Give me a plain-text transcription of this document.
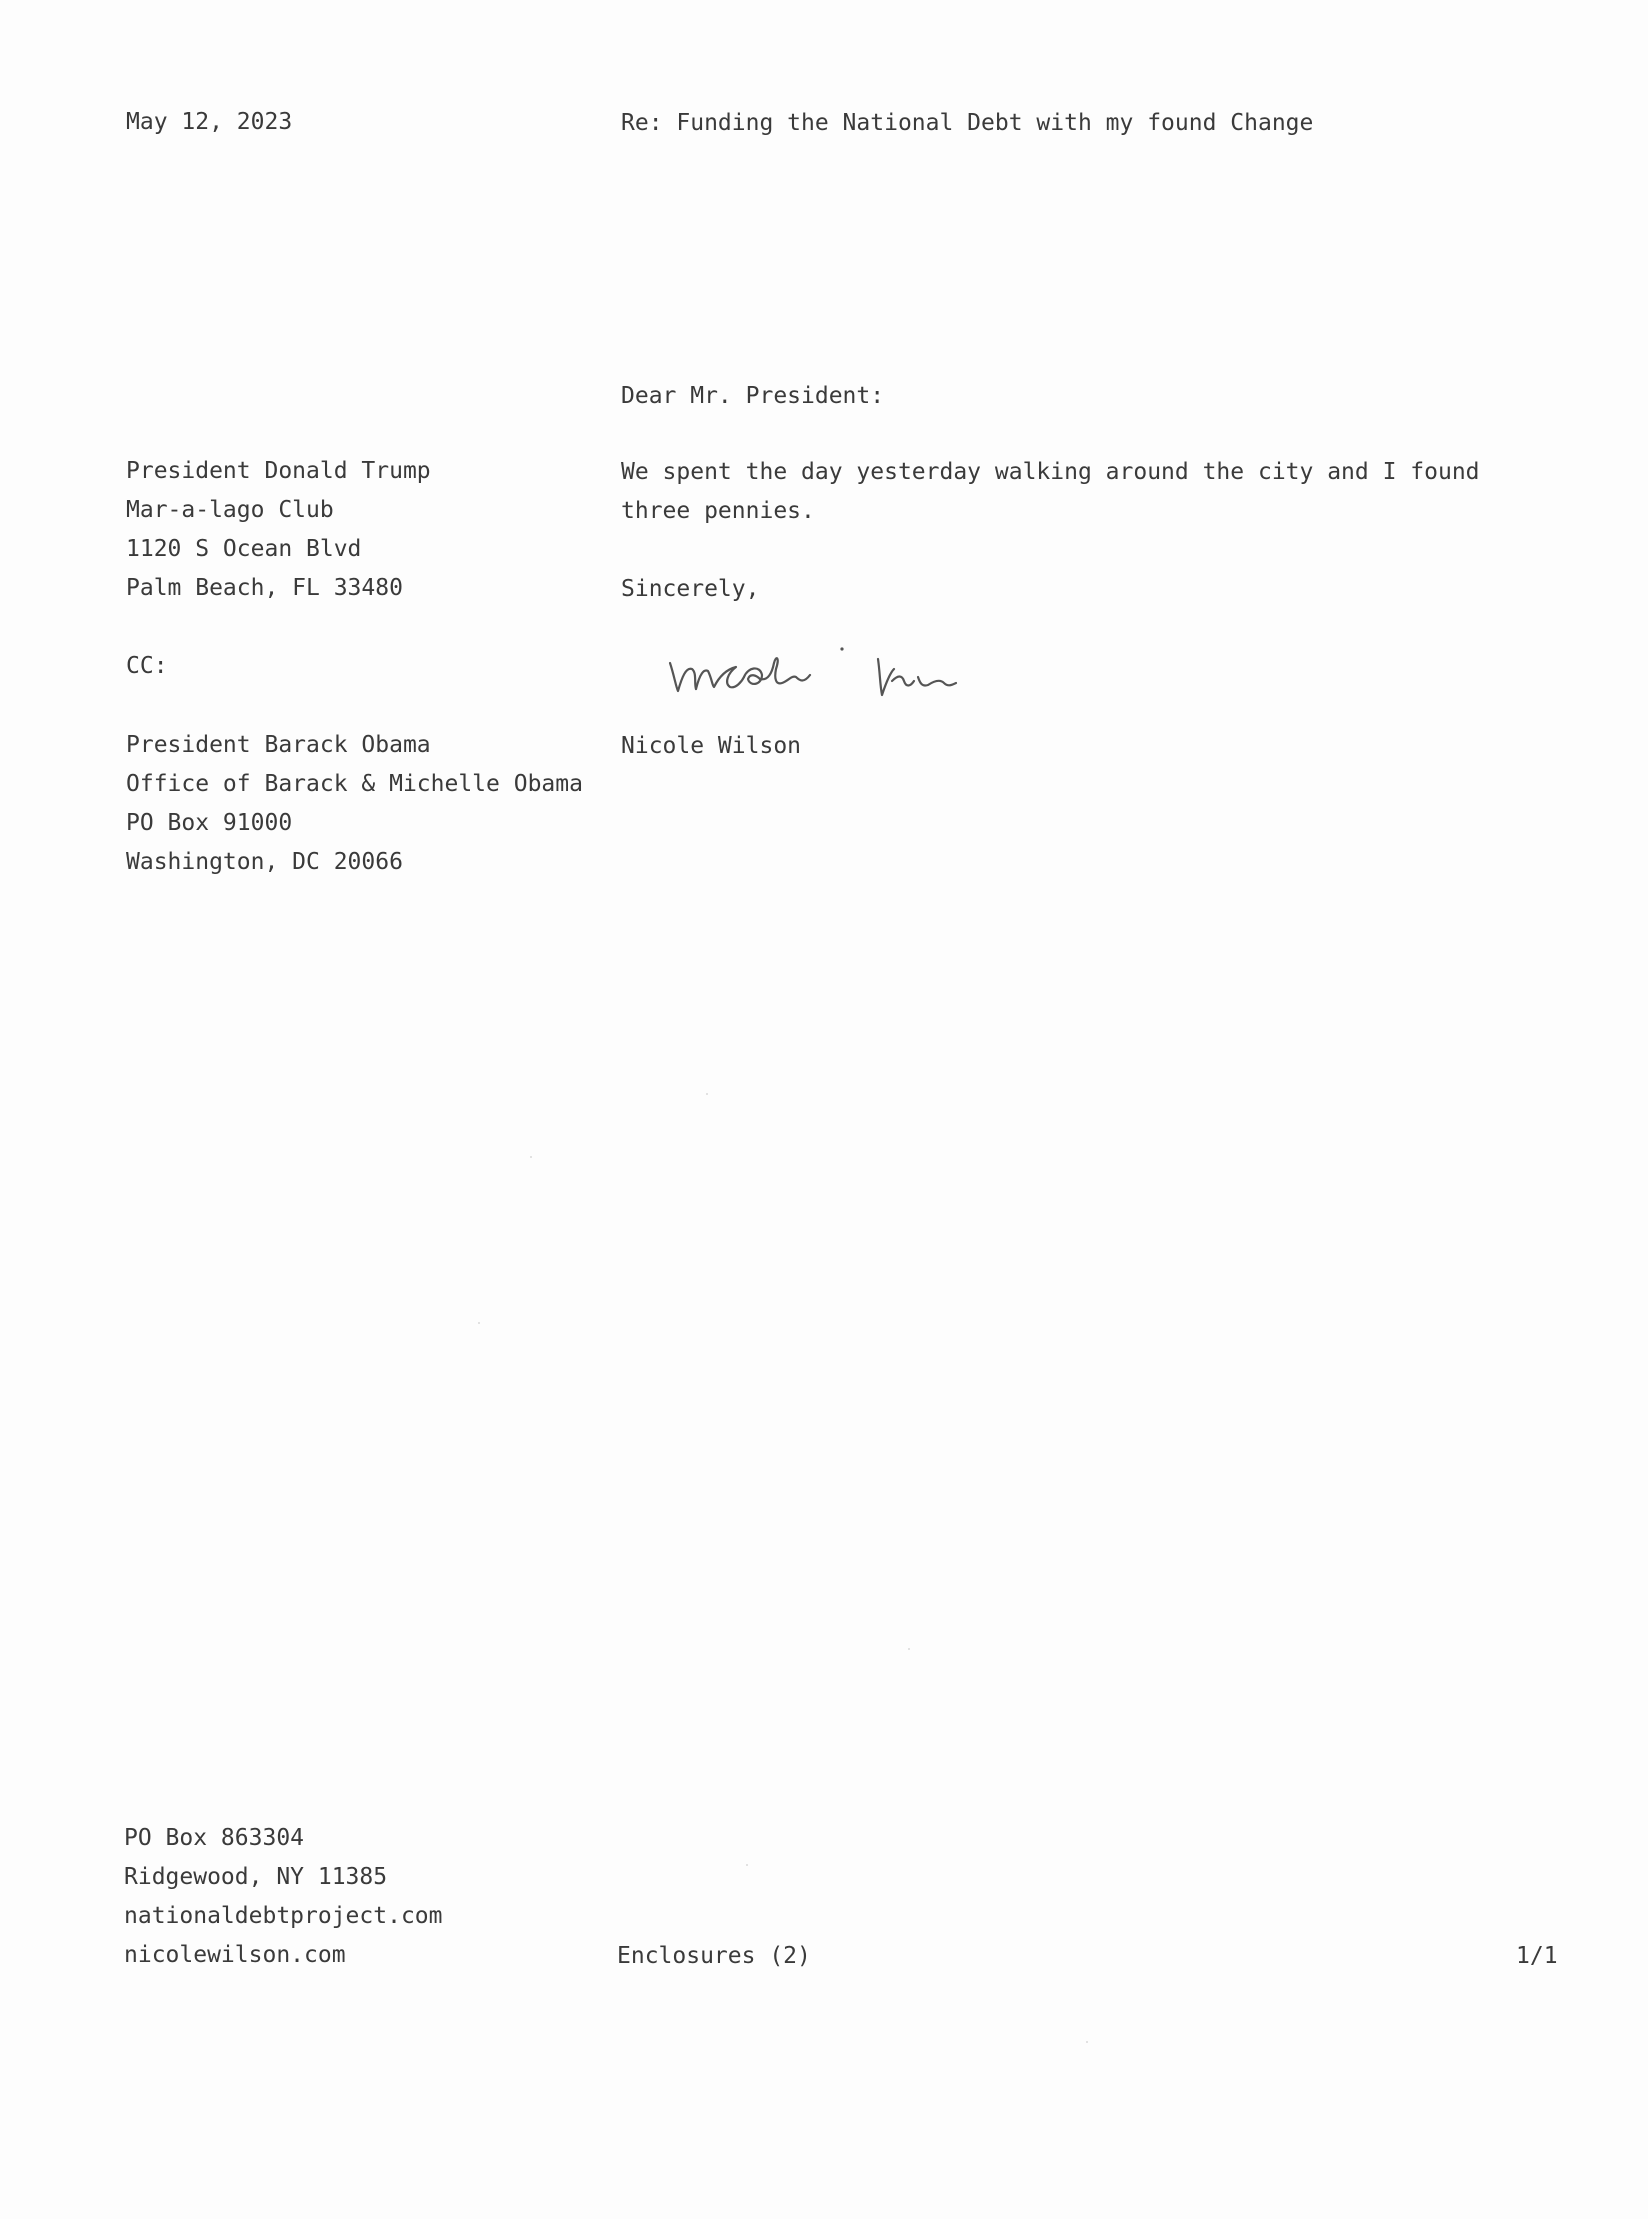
May 12, 2023	Re: Funding the National Debt with my found Change
Dear Mr. President:
President Donald Trump
Mar-a-lago Club
1120 S Ocean Blvd
Palm Beach, FL 33480
We spent the day yesterday walking around the city and I found
three pennies.
Sincerely,
CC:
Nicole Wilson
President Barack Obama
Office of Barack & Michelle Obama
PO Box 91000
Washington, DC 20066
PO Box 863304
Ridgewood, NY 11385
nationaldebtproject.com
nicolewilson.com	Enclosures (2)	1/1
